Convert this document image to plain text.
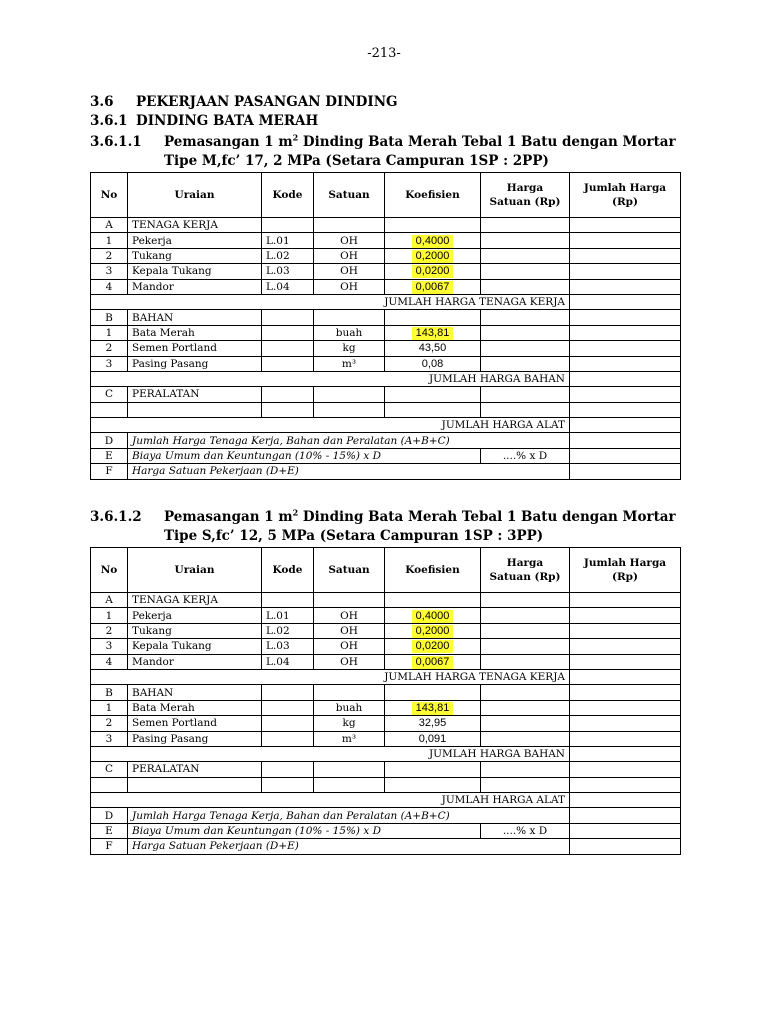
-213-
3.6 PEKERJAAN PASANGAN DINDING
3.6.1 DINDING BATA MERAH
3.6.1.1 Pemasangan 1 $m^2$ Dinding Bata Merah Tebal 1 Batu dengan Mortar
Tipe M,fc’ 17, 2 MPa (Setara Campuran 1SP : 2PP)
No	Uraian	Kode	Satuan	Koefisien	Harga Satuan (Rp)	Jumlah Harga (Rp)
A	TENAGA KERJA					
1	Pekerja	L.01	OH	0,4000		
2	Tukang	L.02	OH	0,2000		
3	Kepala Tukang	L.03	OH	0,0200		
4	Mandor	L.04	OH	0,0067		
JUMLAH HARGA TENAGA KERJA						
B	BAHAN					
1	Bata Merah		buah	143,81		
2	Semen Portland		kg	43,50		
3	Pasing Pasang		m³	0,08		
JUMLAH HARGA BAHAN						
C	PERALATAN					

JUMLAH HARGA ALAT						
D	Jumlah Harga Tenaga Kerja, Bahan dan Peralatan (A+B+C)					
E	Biaya Umum dan Keuntungan (10% - 15%) x D				....% x D	
F	Harga Satuan Pekerjaan (D+E)					
3.6.1.2 Pemasangan 1 $m^2$ Dinding Bata Merah Tebal 1 Batu dengan Mortar
Tipe S,fc’ 12, 5 MPa (Setara Campuran 1SP : 3PP)
No	Uraian	Kode	Satuan	Koefisien	Harga Satuan (Rp)	Jumlah Harga (Rp)
A	TENAGA KERJA					
1	Pekerja	L.01	OH	0,4000		
2	Tukang	L.02	OH	0,2000		
3	Kepala Tukang	L.03	OH	0,0200		
4	Mandor	L.04	OH	0,0067		
JUMLAH HARGA TENAGA KERJA						
B	BAHAN					
1	Bata Merah		buah	143,81		
2	Semen Portland		kg	32,95		
3	Pasing Pasang		m³	0,091		
JUMLAH HARGA BAHAN						
C	PERALATAN					

JUMLAH HARGA ALAT						
D	Jumlah Harga Tenaga Kerja, Bahan dan Peralatan (A+B+C)					
E	Biaya Umum dan Keuntungan (10% - 15%) x D				....% x D	
F	Harga Satuan Pekerjaan (D+E)					
